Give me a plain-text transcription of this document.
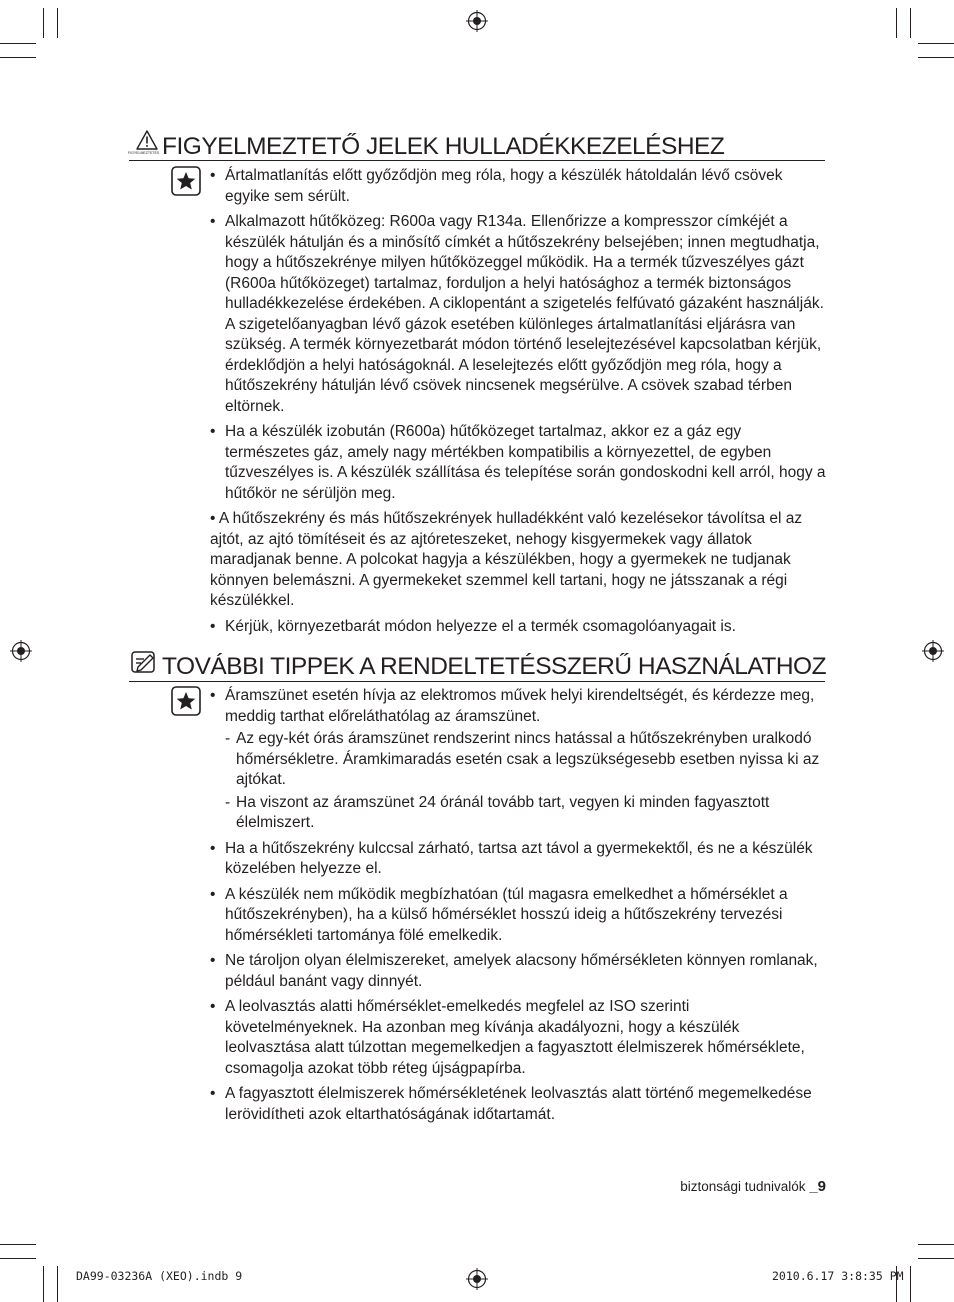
FIGYELMEZTETÉS FIGYELMEZTETŐ JELEK HULLADÉKKEZELÉSHEZ
• Ártalmatlanítás előtt győződjön meg róla, hogy a készülék hátoldalán lévő csövek egyike sem sérült.
• Alkalmazott hűtőközeg: R600a vagy R134a. Ellenőrizze a kompresszor címkéjét a készülék hátulján és a minősítő címkét a hűtőszekrény belsejében; innen megtudhatja, hogy a hűtőszekrénye milyen hűtőközeggel működik. Ha a termék tűzveszélyes gázt (R600a hűtőközeget) tartalmaz, forduljon a helyi hatósághoz a termék biztonságos hulladékkezelése érdekében. A ciklopentánt a szigetelés felfúvató gázaként használják. A szigetelőanyagban lévő gázok esetében különleges ártalmatlanítási eljárásra van szükség. A termék környezetbarát módon történő leselejtezésével kapcsolatban kérjük, érdeklődjön a helyi hatóságoknál. A leselejtezés előtt győződjön meg róla, hogy a hűtőszekrény hátulján lévő csövek nincsenek megsérülve. A csövek szabad térben eltörnek.
• Ha a készülék izobután (R600a) hűtőközeget tartalmaz, akkor ez a gáz egy természetes gáz, amely nagy mértékben kompatibilis a környezettel, de egyben tűzveszélyes is. A készülék szállítása és telepítése során gondoskodni kell arról, hogy a hűtőkör ne sérüljön meg.
• A hűtőszekrény és más hűtőszekrények hulladékként való kezelésekor távolítsa el az ajtót, az ajtó tömítéseit és az ajtóreteszeket, nehogy kisgyermekek vagy állatok maradjanak benne. A polcokat hagyja a készülékben, hogy a gyermekek ne tudjanak könnyen belemászni. A gyermekeket szemmel kell tartani, hogy ne játsszanak a régi készülékkel.
• Kérjük, környezetbarát módon helyezze el a termék csomagolóanyagait is.
TOVÁBBI TIPPEK A RENDELTETÉSSZERŰ HASZNÁLATHOZ
• Áramszünet esetén hívja az elektromos művek helyi kirendeltségét, és kérdezze meg, meddig tarthat előreláthatólag az áramszünet.
- Az egy-két órás áramszünet rendszerint nincs hatással a hűtőszekrényben uralkodó hőmérsékletre. Áramkimaradás esetén csak a legszükségesebb esetben nyissa ki az ajtókat.
- Ha viszont az áramszünet 24 óránál tovább tart, vegyen ki minden fagyasztott élelmiszert.
• Ha a hűtőszekrény kulccsal zárható, tartsa azt távol a gyermekektől, és ne a készülék közelében helyezze el.
• A készülék nem működik megbízhatóan (túl magasra emelkedhet a hőmérséklet a hűtőszekrényben), ha a külső hőmérséklet hosszú ideig a hűtőszekrény tervezési hőmérsékleti tartománya fölé emelkedik.
• Ne tároljon olyan élelmiszereket, amelyek alacsony hőmérsékleten könnyen romlanak, például banánt vagy dinnyét.
• A leolvasztás alatti hőmérséklet-emelkedés megfelel az ISO szerinti követelményeknek. Ha azonban meg kívánja akadályozni, hogy a készülék leolvasztása alatt túlzottan megemelkedjen a fagyasztott élelmiszerek hőmérséklete, csomagolja azokat több réteg újságpapírba.
• A fagyasztott élelmiszerek hőmérsékletének leolvasztás alatt történő megemelkedése lerövidítheti azok eltarthatóságának időtartamát.
biztonsági tudnivalók _9
DA99-03236A (XEO).indb 9	2010.6.17 3:8:35 PM
